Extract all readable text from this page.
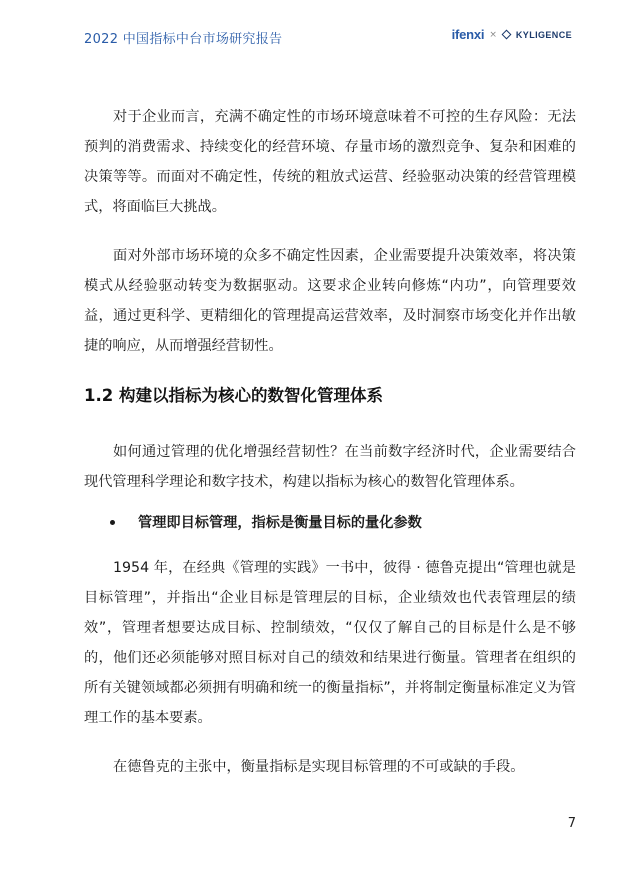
2022 中国指标中台市场研究报告	ifenxi × KYLIGENCE

对于企业而言，充满不确定性的市场环境意味着不可控的生存风险：无法预判的消费需求、持续变化的经营环境、存量市场的激烈竞争、复杂和困难的决策等等。而面对不确定性，传统的粗放式运营、经验驱动决策的经营管理模式，将面临巨大挑战。

面对外部市场环境的众多不确定性因素，企业需要提升决策效率，将决策模式从经验驱动转变为数据驱动。这要求企业转向修炼“内功”，向管理要效益，通过更科学、更精细化的管理提高运营效率，及时洞察市场变化并作出敏捷的响应，从而增强经营韧性。

1.2 构建以指标为核心的数智化管理体系

如何通过管理的优化增强经营韧性？在当前数字经济时代，企业需要结合现代管理科学理论和数字技术，构建以指标为核心的数智化管理体系。

管理即目标管理，指标是衡量目标的量化参数

1954 年，在经典《管理的实践》一书中，彼得 · 德鲁克提出“管理也就是目标管理”，并指出“企业目标是管理层的目标，企业绩效也代表管理层的绩效”，管理者想要达成目标、控制绩效，“仅仅了解自己的目标是什么是不够的，他们还必须能够对照目标对自己的绩效和结果进行衡量。管理者在组织的所有关键领域都必须拥有明确和统一的衡量指标”，并将制定衡量标准定义为管理工作的基本要素。

在德鲁克的主张中，衡量指标是实现目标管理的不可或缺的手段。

7
